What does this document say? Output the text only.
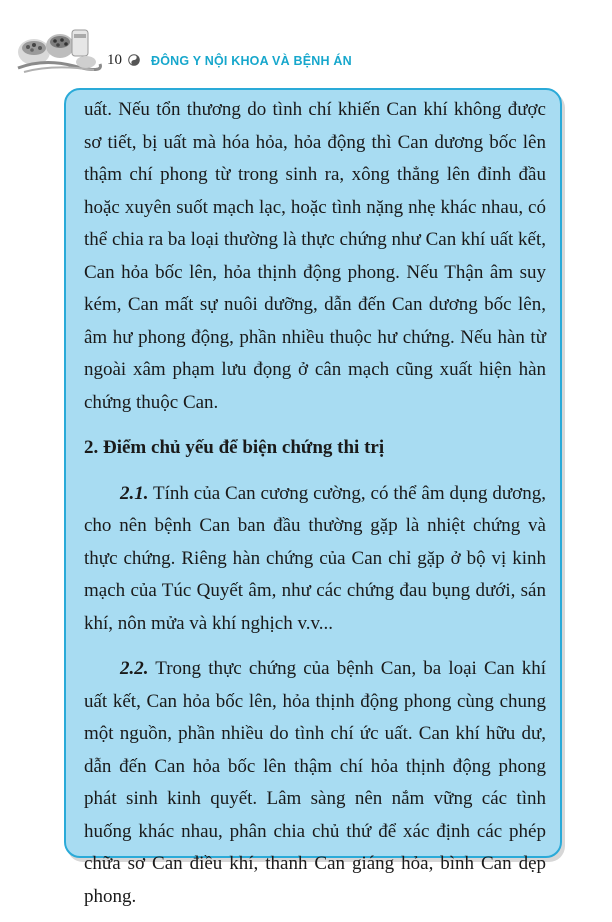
10 ĐÔNG Y NỘI KHOA VÀ BỆNH ÁN

uất. Nếu tổn thương do tình chí khiến Can khí không được sơ tiết, bị uất mà hóa hỏa, hỏa động thì Can dương bốc lên thậm chí phong từ trong sinh ra, xông thẳng lên đỉnh đầu hoặc xuyên suốt mạch lạc, hoặc tình nặng nhẹ khác nhau, có thể chia ra ba loại thường là thực chứng như Can khí uất kết, Can hỏa bốc lên, hỏa thịnh động phong. Nếu Thận âm suy kém, Can mất sự nuôi dưỡng, dẫn đến Can dương bốc lên, âm hư phong động, phần nhiều thuộc hư chứng. Nếu hàn từ ngoài xâm phạm lưu đọng ở cân mạch cũng xuất hiện hàn chứng thuộc Can.

2. Điểm chủ yếu để biện chứng thi trị

2.1. Tính của Can cương cường, có thể âm dụng dương, cho nên bệnh Can ban đầu thường gặp là nhiệt chứng và thực chứng. Riêng hàn chứng của Can chỉ gặp ở bộ vị kinh mạch của Túc Quyết âm, như các chứng đau bụng dưới, sán khí, nôn mửa và khí nghịch v.v...

2.2. Trong thực chứng của bệnh Can, ba loại Can khí uất kết, Can hỏa bốc lên, hỏa thịnh động phong cùng chung một nguồn, phần nhiều do tình chí ức uất. Can khí hữu dư, dẫn đến Can hỏa bốc lên thậm chí hỏa thịnh động phong phát sinh kinh quyết. Lâm sàng nên nắm vững các tình huống khác nhau, phân chia chủ thứ để xác định các phép chữa sơ Can điều khí, thanh Can giáng hỏa, bình Can dẹp phong.
